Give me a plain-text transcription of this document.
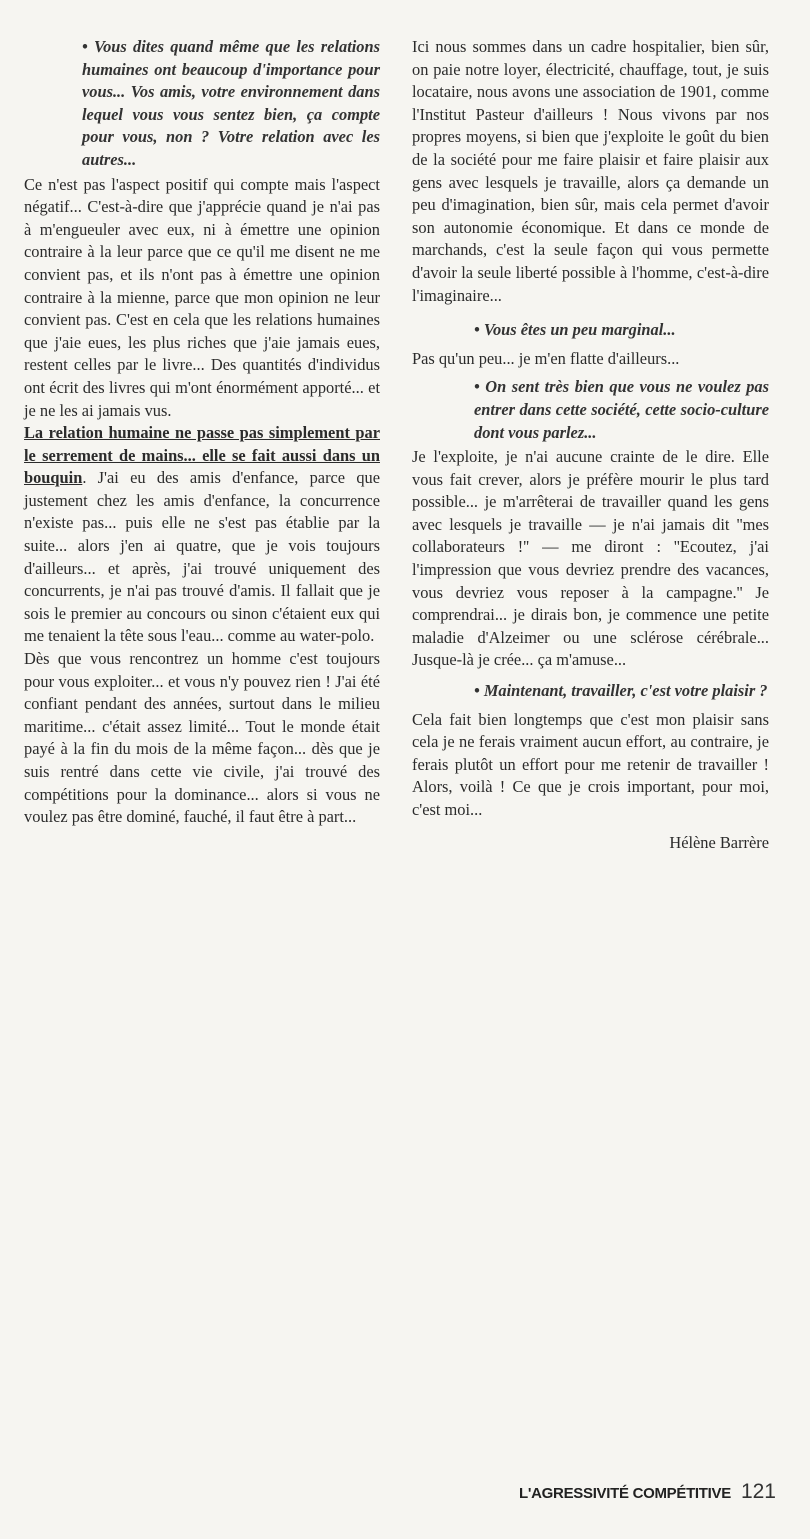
• Vous dites quand même que les relations humaines ont beaucoup d'importance pour vous... Vos amis, votre environnement dans lequel vous vous sentez bien, ça compte pour vous, non ? Votre relation avec les autres...

Ce n'est pas l'aspect positif qui compte mais l'aspect négatif... C'est-à-dire que j'apprécie quand je n'ai pas à m'engueuler avec eux, ni à émettre une opinion contraire à la leur parce que ce qu'il me disent ne me convient pas, et ils n'ont pas à émettre une opinion contraire à la mienne, parce que mon opinion ne leur convient pas. C'est en cela que les relations humaines que j'aie eues, les plus riches que j'aie jamais eues, restent celles par le livre... Des quantités d'individus ont écrit des livres qui m'ont énormément apporté... et je ne les ai jamais vus.

La relation humaine ne passe pas simplement par le serrement de mains... elle se fait aussi dans un bouquin. J'ai eu des amis d'enfance, parce que justement chez les amis d'enfance, la concurrence n'existe pas... puis elle ne s'est pas établie par la suite... alors j'en ai quatre, que je vois toujours d'ailleurs... et après, j'ai trouvé uniquement des concurrents, je n'ai pas trouvé d'amis. Il fallait que je sois le premier au concours ou sinon c'étaient eux qui me tenaient la tête sous l'eau... comme au water-polo.

Dès que vous rencontrez un homme c'est toujours pour vous exploiter... et vous n'y pouvez rien ! J'ai été confiant pendant des années, surtout dans le milieu maritime... c'était assez limité... Tout le monde était payé à la fin du mois de la même façon... dès que je suis rentré dans cette vie civile, j'ai trouvé des compétitions pour la dominance... alors si vous ne voulez pas être dominé, fauché, il faut être à part...

Ici nous sommes dans un cadre hospitalier, bien sûr, on paie notre loyer, électricité, chauffage, tout, je suis locataire, nous avons une association de 1901, comme l'Institut Pasteur d'ailleurs ! Nous vivons par nos propres moyens, si bien que j'exploite le goût du bien de la société pour me faire plaisir et faire plaisir aux gens avec lesquels je travaille, alors ça demande un peu d'imagination, bien sûr, mais cela permet d'avoir son autonomie économique. Et dans ce monde de marchands, c'est la seule façon qui vous permette d'avoir la seule liberté possible à l'homme, c'est-à-dire l'imaginaire...

• Vous êtes un peu marginal...

Pas qu'un peu... je m'en flatte d'ailleurs...

• On sent très bien que vous ne voulez pas entrer dans cette société, cette socio-culture dont vous parlez...

Je l'exploite, je n'ai aucune crainte de le dire. Elle vous fait crever, alors je préfère mourir le plus tard possible... je m'arrêterai de travailler quand les gens avec lesquels je travaille — je n'ai jamais dit ''mes collaborateurs !'' — me diront : ''Ecoutez, j'ai l'impression que vous devriez prendre des vacances, vous devriez vous reposer à la campagne.'' Je comprendrai... je dirais bon, je commence une petite maladie d'Alzeimer ou une sclérose cérébrale... Jusque-là je crée... ça m'amuse...

• Maintenant, travailler, c'est votre plaisir ?

Cela fait bien longtemps que c'est mon plaisir sans cela je ne ferais vraiment aucun effort, au contraire, je ferais plutôt un effort pour me retenir de travailler ! Alors, voilà ! Ce que je crois important, pour moi, c'est moi...

Hélène Barrère

L'AGRESSIVITÉ COMPÉTITIVE 121
